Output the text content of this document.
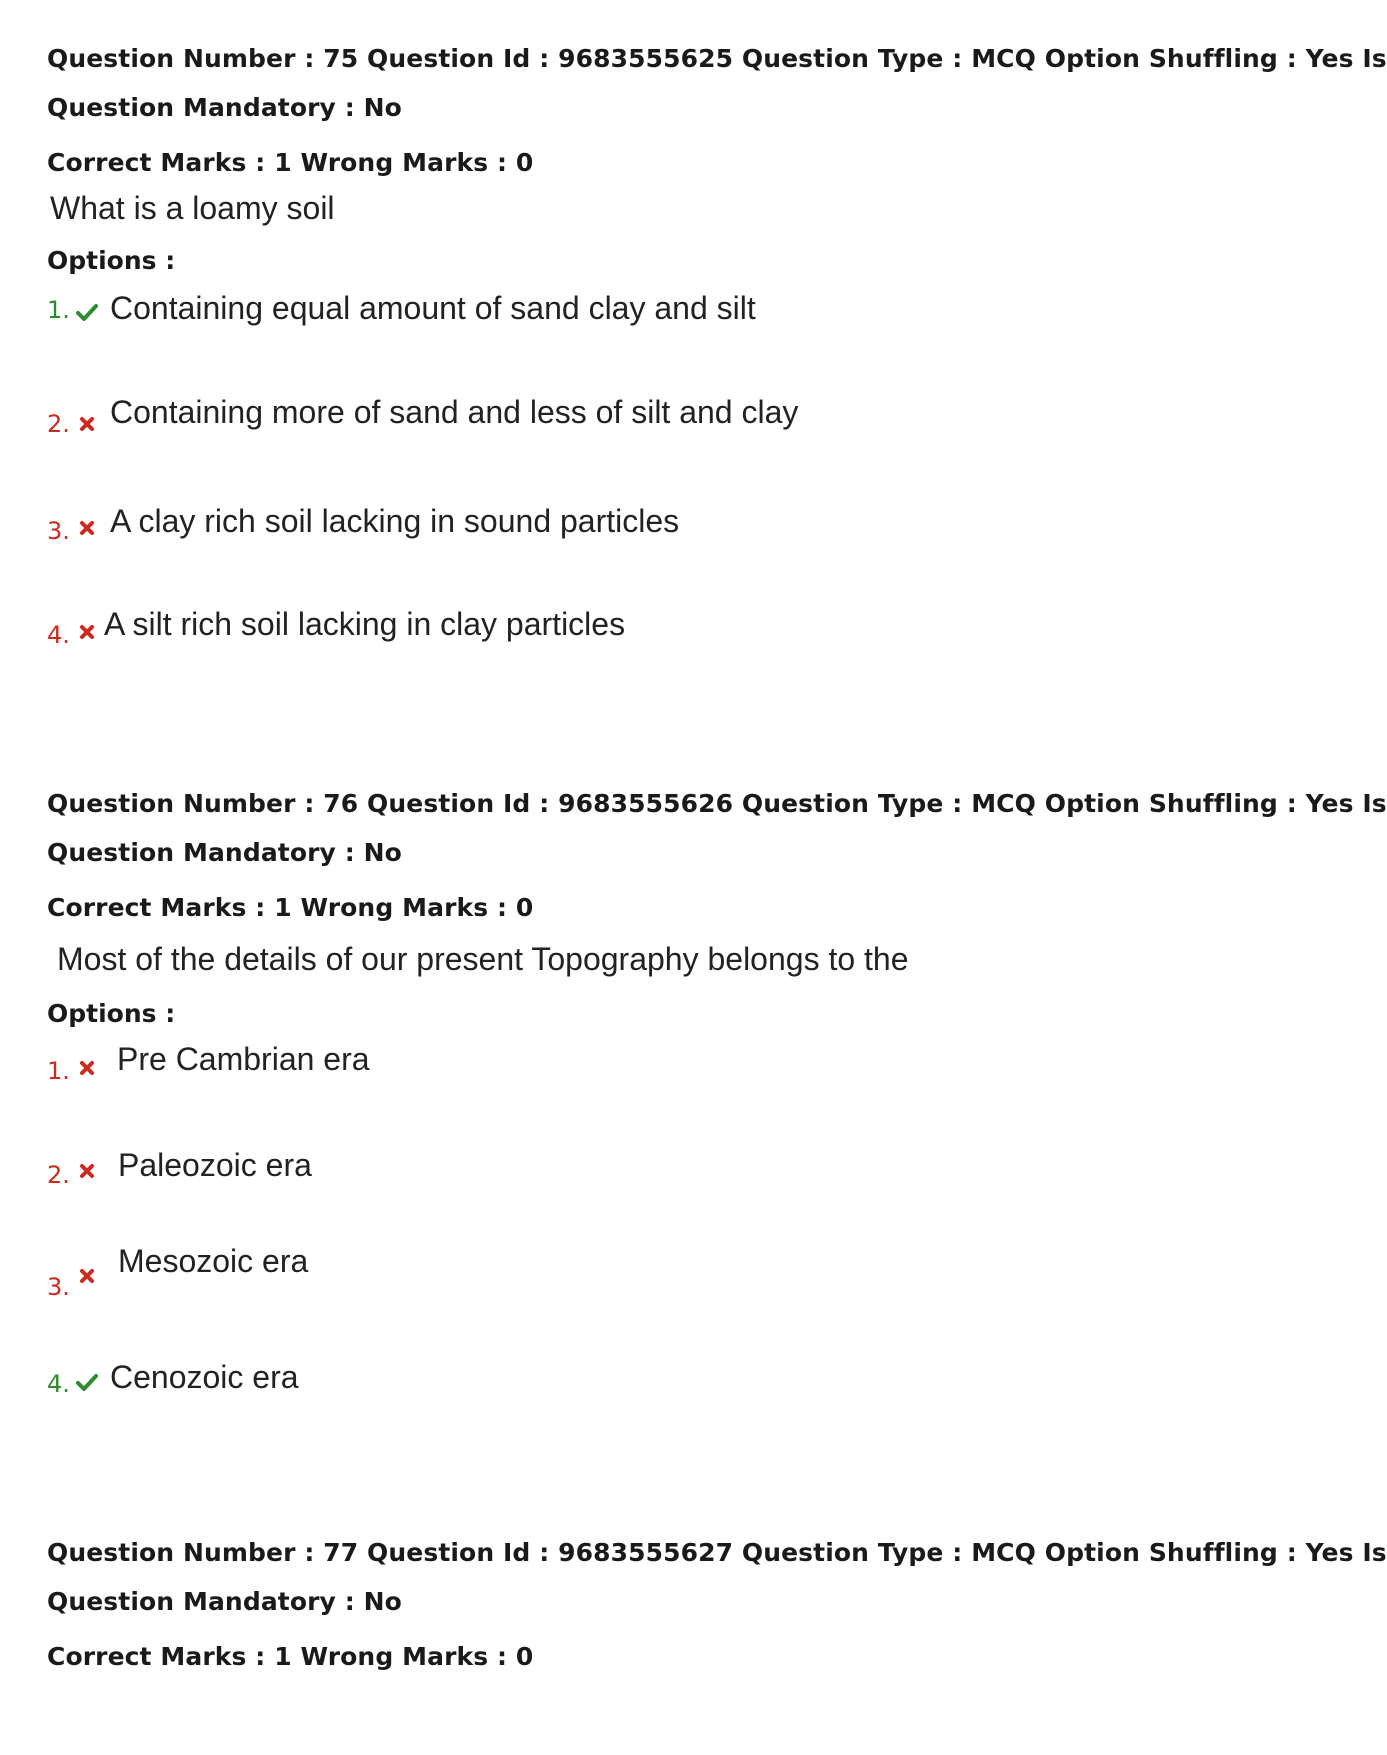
Question Number : 75 Question Id : 9683555625 Question Type : MCQ Option Shuffling : Yes Is
Question Mandatory : No
Correct Marks : 1 Wrong Marks : 0
What is a loamy soil
Options :
1. Containing equal amount of sand clay and silt
2. Containing more of sand and less of silt and clay
3. A clay rich soil lacking in sound particles
4. A silt rich soil lacking in clay particles
Question Number : 76 Question Id : 9683555626 Question Type : MCQ Option Shuffling : Yes Is
Question Mandatory : No
Correct Marks : 1 Wrong Marks : 0
Most of the details of our present Topography belongs to the
Options :
1. Pre Cambrian era
2. Paleozoic era
3.
Mesozoic era
4. Cenozoic era
Question Number : 77 Question Id : 9683555627 Question Type : MCQ Option Shuffling : Yes Is
Question Mandatory : No
Correct Marks : 1 Wrong Marks : 0
